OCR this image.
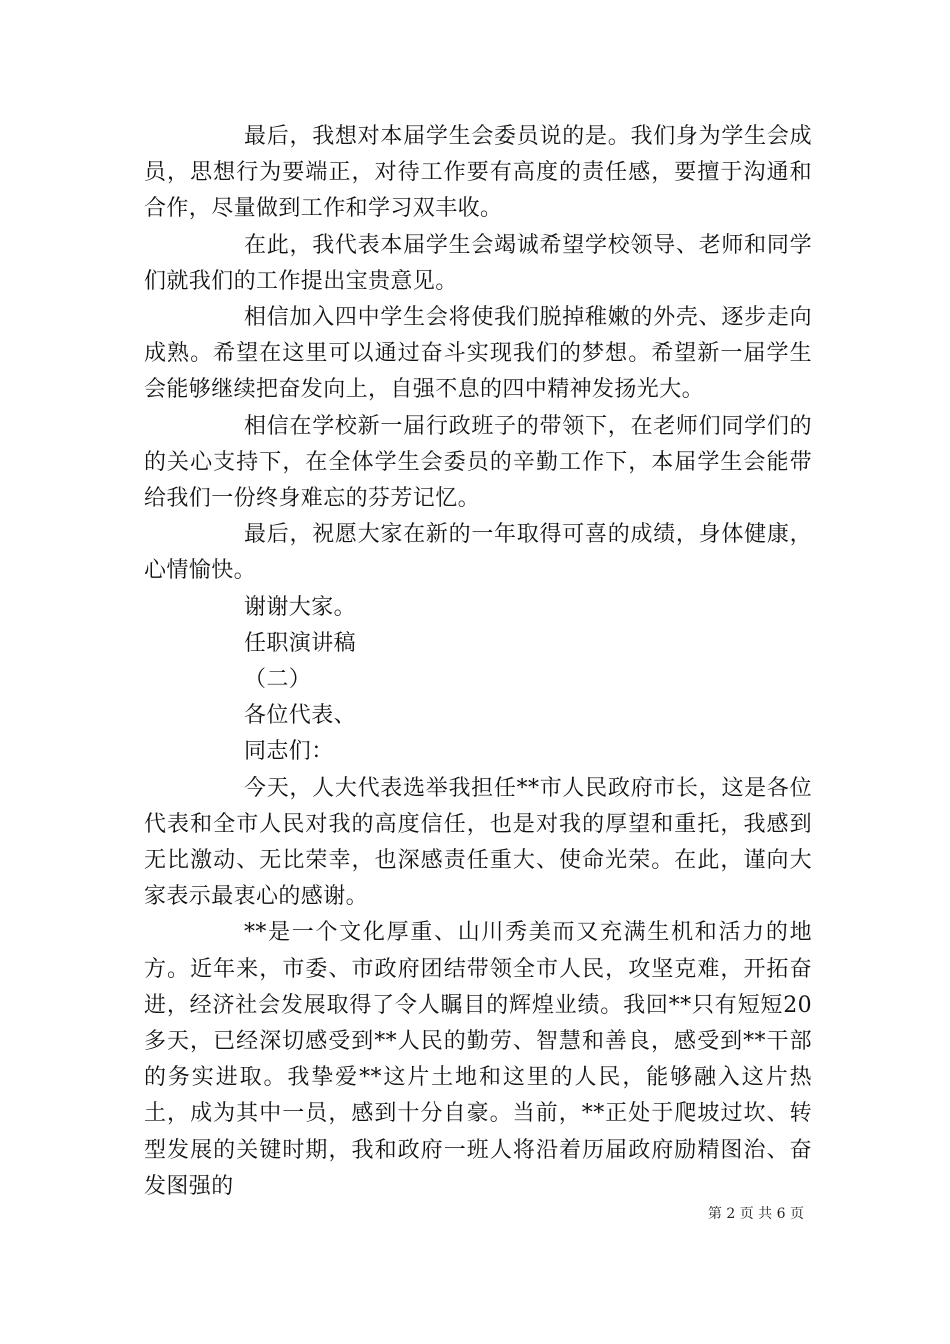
最后，我想对本届学生会委员说的是。我们身为学生会成员，思想行为要端正，对待工作要有高度的责任感，要擅于沟通和合作，尽量做到工作和学习双丰收。

在此，我代表本届学生会竭诚希望学校领导、老师和同学们就我们的工作提出宝贵意见。

相信加入四中学生会将使我们脱掉稚嫩的外壳、逐步走向成熟。希望在这里可以通过奋斗实现我们的梦想。希望新一届学生会能够继续把奋发向上，自强不息的四中精神发扬光大。

相信在学校新一届行政班子的带领下，在老师们同学们的的关心支持下，在全体学生会委员的辛勤工作下，本届学生会能带给我们一份终身难忘的芬芳记忆。

最后，祝愿大家在新的一年取得可喜的成绩，身体健康，心情愉快。

谢谢大家。

任职演讲稿

（二）

各位代表、

同志们：

今天，人大代表选举我担任**市人民政府市长，这是各位代表和全市人民对我的高度信任，也是对我的厚望和重托，我感到无比激动、无比荣幸，也深感责任重大、使命光荣。在此，谨向大家表示最衷心的感谢。

**是一个文化厚重、山川秀美而又充满生机和活力的地方。近年来，市委、市政府团结带领全市人民，攻坚克难，开拓奋进，经济社会发展取得了令人瞩目的辉煌业绩。我回**只有短短20多天，已经深切感受到**人民的勤劳、智慧和善良，感受到**干部的务实进取。我挚爱**这片土地和这里的人民，能够融入这片热土，成为其中一员，感到十分自豪。当前，**正处于爬坡过坎、转型发展的关键时期，我和政府一班人将沿着历届政府励精图治、奋发图强的

第 2 页 共 6 页
